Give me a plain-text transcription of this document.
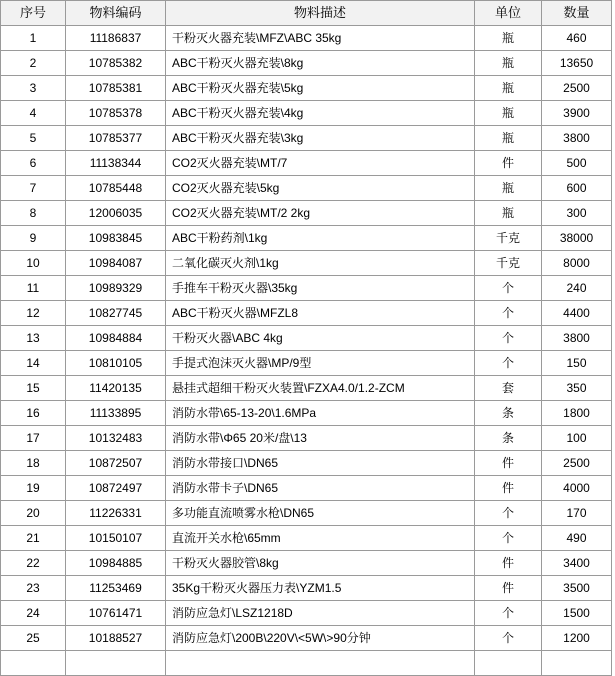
序号	物料编码	物料描述	单位	数量
1	11186837	干粉灭火器充装\MFZ\ABC 35kg	瓶	460
2	10785382	ABC干粉灭火器充装\8kg	瓶	13650
3	10785381	ABC干粉灭火器充装\5kg	瓶	2500
4	10785378	ABC干粉灭火器充装\4kg	瓶	3900
5	10785377	ABC干粉灭火器充装\3kg	瓶	3800
6	11138344	CO2灭火器充装\MT/7	件	500
7	10785448	CO2灭火器充装\5kg	瓶	600
8	12006035	CO2灭火器充装\MT/2 2kg	瓶	300
9	10983845	ABC干粉药剂\1kg	千克	38000
10	10984087	二氧化碳灭火剂\1kg	千克	8000
11	10989329	手推车干粉灭火器\35kg	个	240
12	10827745	ABC干粉灭火器\MFZL8	个	4400
13	10984884	干粉灭火器\ABC 4kg	个	3800
14	10810105	手提式泡沫灭火器\MP/9型	个	150
15	11420135	悬挂式超细干粉灭火装置\FZXA4.0/1.2-ZCM	套	350
16	11133895	消防水带\65-13-20\1.6MPa	条	1800
17	10132483	消防水带\Φ65 20米/盘\13	条	100
18	10872507	消防水带接口\DN65	件	2500
19	10872497	消防水带卡子\DN65	件	4000
20	11226331	多功能直流喷雾水枪\DN65	个	170
21	10150107	直流开关水枪\65mm	个	490
22	10984885	干粉灭火器胶管\8kg	件	3400
23	11253469	35Kg干粉灭火器压力表\YZM1.5	件	3500
24	10761471	消防应急灯\LSZ1218D	个	1500
25	10188527	消防应急灯\200B\220V\<5W\>90分钟	个	1200
